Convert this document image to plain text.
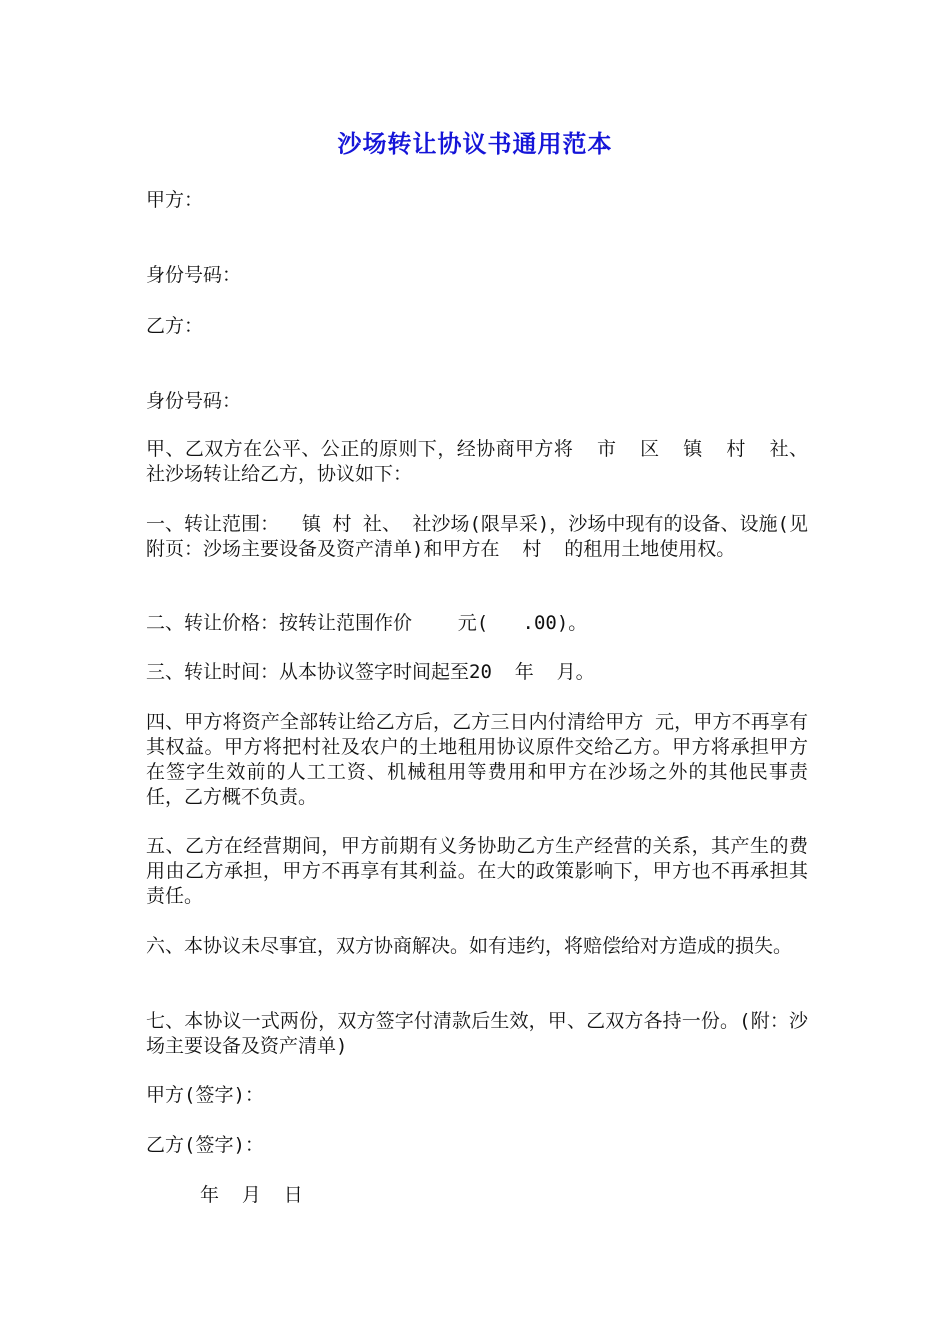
沙场转让协议书通用范本
甲方：
身份号码：
乙方：
身份号码：
甲、乙双方在公平、公正的原则下，经协商甲方将  市  区  镇  村  社、 社沙场转让给乙方，协议如下：
一、转让范围：  镇 村 社、 社沙场(限旱采)，沙场中现有的设备、设施(见附页：沙场主要设备及资产清单)和甲方在  村  的租用土地使用权。
二、转让价格：按转让范围作价    元(   .00)。
三、转让时间：从本协议签字时间起至20  年  月。
四、甲方将资产全部转让给乙方后，乙方三日内付清给甲方 元，甲方不再享有其权益。甲方将把村社及农户的土地租用协议原件交给乙方。甲方将承担甲方在签字生效前的人工工资、机械租用等费用和甲方在沙场之外的其他民事责任，乙方概不负责。
五、乙方在经营期间，甲方前期有义务协助乙方生产经营的关系，其产生的费用由乙方承担，甲方不再享有其利益。在大的政策影响下，甲方也不再承担其责任。
六、本协议未尽事宜，双方协商解决。如有违约，将赔偿给对方造成的损失。
七、本协议一式两份，双方签字付清款后生效，甲、乙双方各持一份。(附：沙场主要设备及资产清单)
甲方(签字)：
乙方(签字)：
年  月  日
